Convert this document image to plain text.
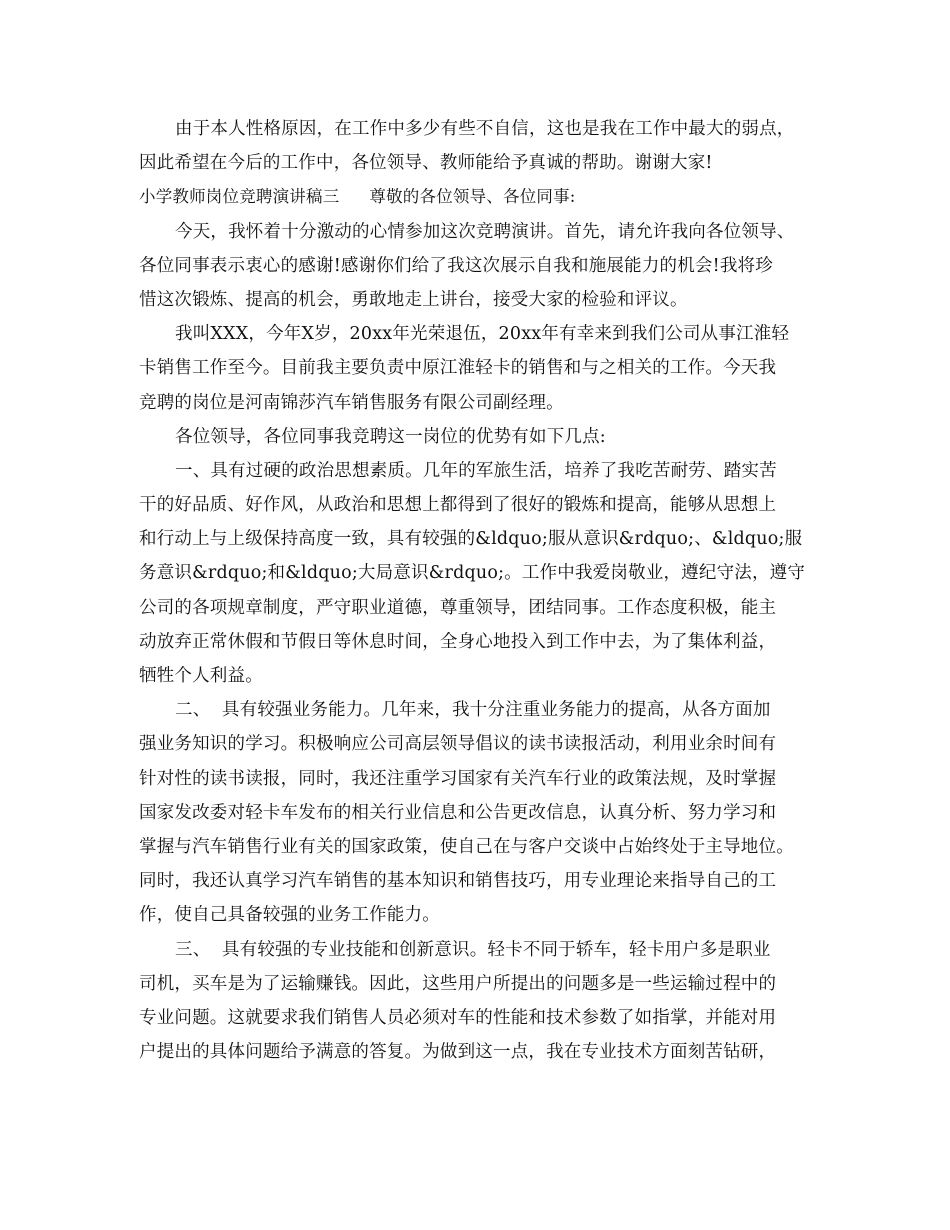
由于本人性格原因，在工作中多少有些不自信，这也是我在工作中最大的弱点，
因此希望在今后的工作中，各位领导、教师能给予真诚的帮助。谢谢大家!
小学教师岗位竞聘演讲稿三 尊敬的各位领导、各位同事:
今天，我怀着十分激动的心情参加这次竞聘演讲。首先，请允许我向各位领导、
各位同事表示衷心的感谢!感谢你们给了我这次展示自我和施展能力的机会!我将珍
惜这次锻炼、提高的机会，勇敢地走上讲台，接受大家的检验和评议。
我叫XXX，今年X岁，20xx年光荣退伍，20xx年有幸来到我们公司从事江淮轻
卡销售工作至今。目前我主要负责中原江淮轻卡的销售和与之相关的工作。今天我
竞聘的岗位是河南锦莎汽车销售服务有限公司副经理。
各位领导，各位同事我竞聘这一岗位的优势有如下几点:
一、具有过硬的政治思想素质。几年的军旅生活，培养了我吃苦耐劳、踏实苦
干的好品质、好作风，从政治和思想上都得到了很好的锻炼和提高，能够从思想上
和行动上与上级保持高度一致，具有较强的&ldquo;服从意识&rdquo;、&ldquo;服
务意识&rdquo;和&ldquo;大局意识&rdquo;。工作中我爱岗敬业，遵纪守法，遵守
公司的各项规章制度，严守职业道德，尊重领导，团结同事。工作态度积极，能主
动放弃正常休假和节假日等休息时间，全身心地投入到工作中去，为了集体利益，
牺牲个人利益。
二、  具有较强业务能力。几年来，我十分注重业务能力的提高，从各方面加
强业务知识的学习。积极响应公司高层领导倡议的读书读报活动，利用业余时间有
针对性的读书读报，同时，我还注重学习国家有关汽车行业的政策法规，及时掌握
国家发改委对轻卡车发布的相关行业信息和公告更改信息，认真分析、努力学习和
掌握与汽车销售行业有关的国家政策，使自己在与客户交谈中占始终处于主导地位。
同时，我还认真学习汽车销售的基本知识和销售技巧，用专业理论来指导自己的工
作，使自己具备较强的业务工作能力。
三、  具有较强的专业技能和创新意识。轻卡不同于轿车，轻卡用户多是职业
司机，买车是为了运输赚钱。因此，这些用户所提出的问题多是一些运输过程中的
专业问题。这就要求我们销售人员必须对车的性能和技术参数了如指掌，并能对用
户提出的具体问题给予满意的答复。为做到这一点，我在专业技术方面刻苦钻研，
